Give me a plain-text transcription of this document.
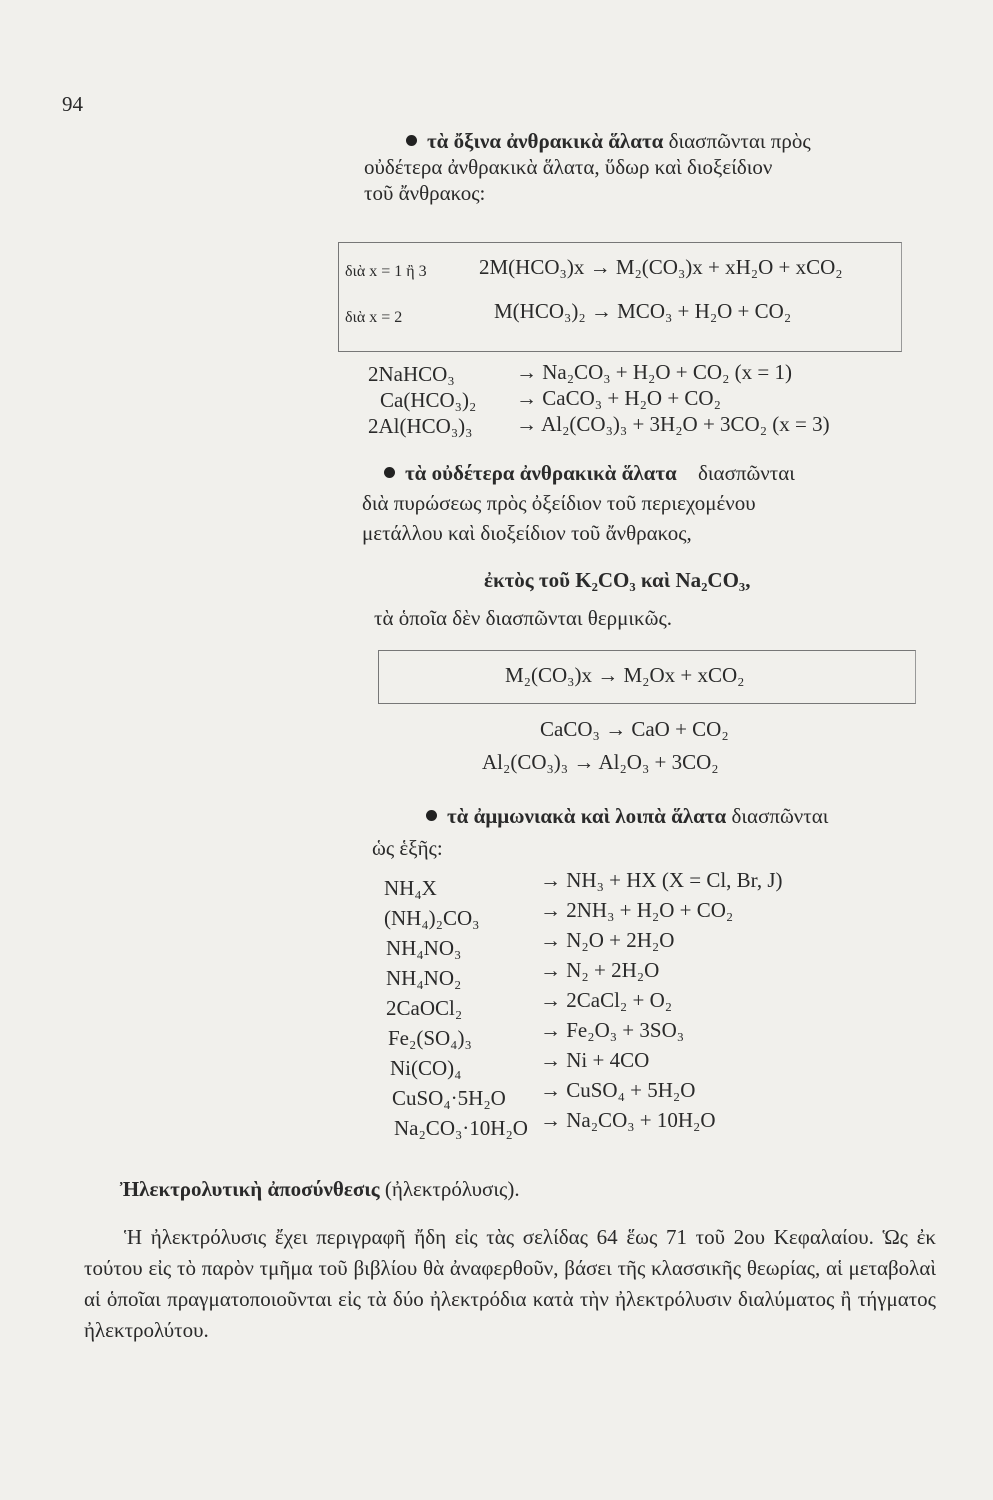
94
τὰ ὄξινα ἀνθρακικὰ ἅλατα διασπῶνται πρὸς
οὐδέτερα ἀνθρακικὰ ἅλατα, ὕδωρ καὶ διοξείδιον
τοῦ ἄνθρακος:
διὰ x = 1 ἢ 3 2M(HCO₃)x → M₂(CO₃)x + xH₂O + xCO₂
διὰ x = 2	M(HCO₃)₂ → MCO₃ + H₂O + CO₂
2NaHCO₃	→ Na₂CO₃ + H₂O + CO₂ (x = 1)
Ca(HCO₃)₂ → CaCO₃ + H₂O + CO₂
2Al(HCO₃)₃ → Al₂(CO₃)₃ + 3H₂O + 3CO₂ (x = 3)
τὰ οὐδέτερα ἀνθρακικὰ ἅλατα διασπῶνται
διὰ πυρώσεως πρὸς ὀξείδιον τοῦ περιεχομένου
μετάλλου καὶ διοξείδιον τοῦ ἄνθρακος,
ἐκτὸς τοῦ K₂CO₃ καὶ Na₂CO₃,
τὰ ὁποῖα δὲν διασπῶνται θερμικῶς.
M₂(CO₃)x → M₂Ox + xCO₂
CaCO₃ → CaO + CO₂
Al₂(CO₃)₃ → Al₂O₃ + 3CO₂
τὰ ἀμμωνιακὰ καὶ λοιπὰ ἅλατα διασπῶνται
ὡς ἑξῆς:
NH₄X	→ NH₃ + HX (X = Cl, Br, J)
(NH₄)₂CO₃	→ 2NH₃ + H₂O + CO₂
NH₄NO₃	→ N₂O + 2H₂O
NH₄NO₂	→ N₂ + 2H₂O
2CaOCl₂	→ 2CaCl₂ + O₂
Fe₂(SO₄)₃	→ Fe₂O₃ + 3SO₃
Ni(CO)₄	→ Ni + 4CO
CuSO₄·5H₂O → CuSO₄ + 5H₂O
Na₂CO₃·10H₂O → Na₂CO₃ + 10H₂O
Ἠλεκτρολυτικὴ ἀποσύνθεσις (ἠλεκτρόλυσις).
Ἡ ἠλεκτρόλυσις ἔχει περιγραφῆ ἤδη εἰς τὰς σελίδας 64 ἕως 71 τοῦ 2ου Κεφαλαίου. Ὡς ἐκ τούτου εἰς τὸ παρὸν τμῆμα τοῦ βιβλίου θὰ ἀναφερθοῦν, βάσει τῆς κλασσικῆς θεωρίας, αἱ μεταβολαὶ αἱ ὁποῖαι πραγματοποιοῦνται εἰς τὰ δύο ἠλεκτρόδια κατὰ τὴν ἠλεκτρόλυσιν διαλύματος ἢ τήγματος ἠλεκτρολύτου.
